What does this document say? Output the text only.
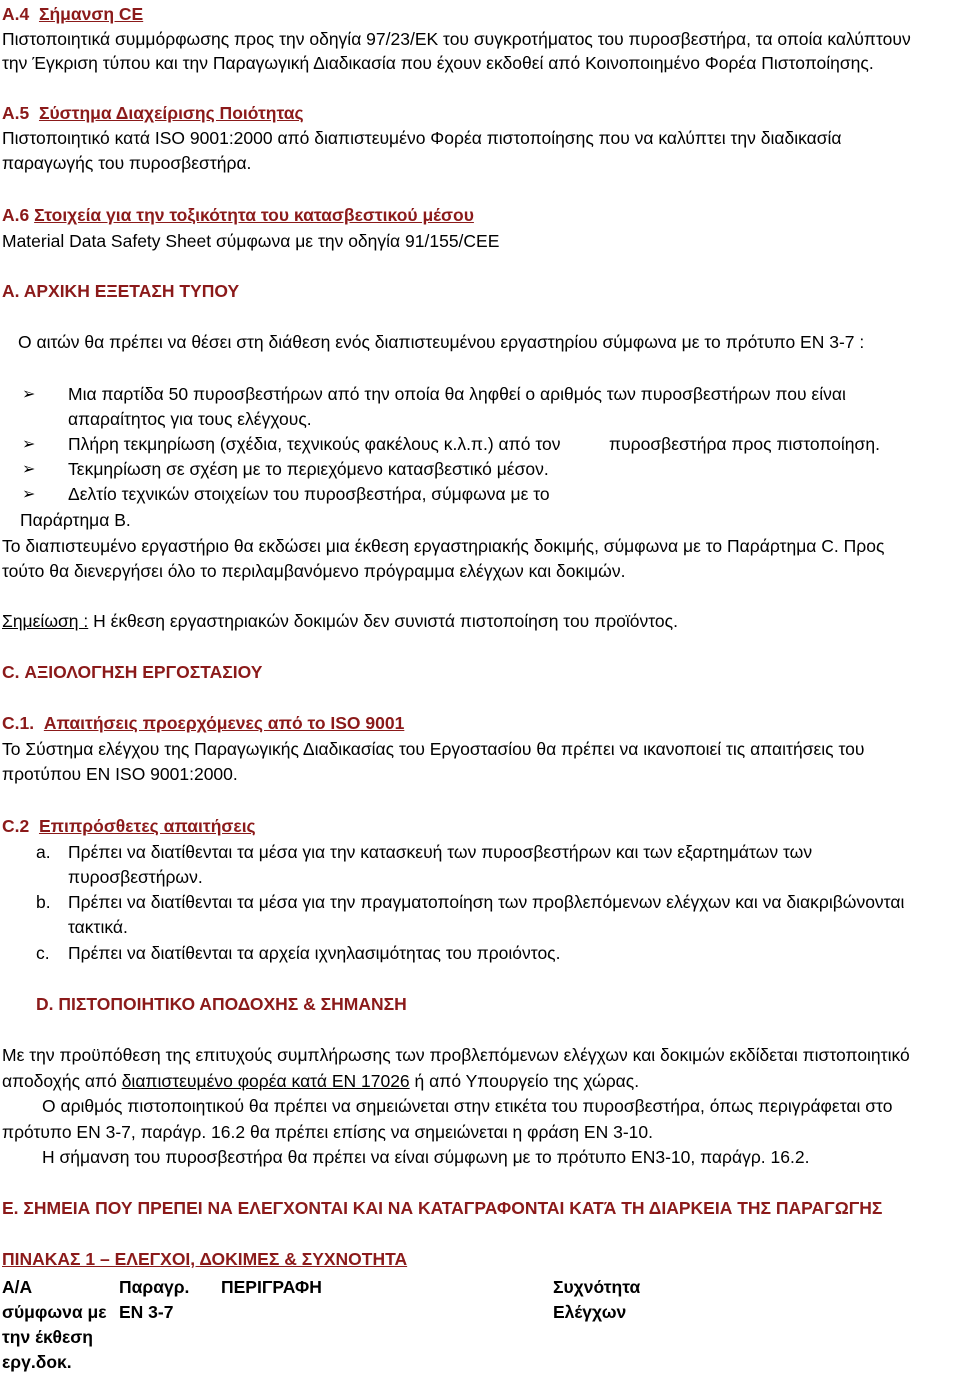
A.4 Σήμανση CE
Πιστοποιητικά συμμόρφωσης προς την οδηγία 97/23/ΕΚ του συγκροτήματος του πυροσβεστήρα, τα οποία καλύπτουν
την Έγκριση τύπου και την Παραγωγική Διαδικασία που έχουν εκδοθεί από Κοινοποιημένο Φορέα Πιστοποίησης.
A.5 Σύστημα Διαχείρισης Ποιότητας
Πιστοποιητικό κατά ISO 9001:2000 από διαπιστευμένο Φορέα πιστοποίησης που να καλύπτει την διαδικασία
παραγωγής του πυροσβεστήρα.
A.6 Στοιχεία για την τοξικότητα του κατασβεστικού μέσου
Material Data Safety Sheet σύμφωνα με την οδηγία 91/155/CEE
Α. ΑΡΧΙΚΗ ΕΞΕΤΑΣΗ ΤΥΠΟΥ
Ο αιτών θα πρέπει να θέσει στη διάθεση ενός διαπιστευμένου εργαστηρίου σύμφωνα με το πρότυπο ΕΝ 3-7 :
➢ Μια παρτίδα 50 πυροσβεστήρων από την οποία θα ληφθεί ο αριθμός των πυροσβεστήρων που είναι
απαραίτητος για τους ελέγχους.
➢ Πλήρη τεκμηρίωση (σχέδια, τεχνικούς φακέλους κ.λ.π.) από τον	πυροσβεστήρα προς πιστοποίηση.
➢ Τεκμηρίωση σε σχέση με το περιεχόμενο κατασβεστικό μέσον.
➢ Δελτίο τεχνικών στοιχείων του πυροσβεστήρα, σύμφωνα με το
Παράρτημα Β.
Το διαπιστευμένο εργαστήριο θα εκδώσει μια έκθεση εργαστηριακής δοκιμής, σύμφωνα με το Παράρτημα C. Προς
τούτο θα διενεργήσει όλο το περιλαμβανόμενο πρόγραμμα ελέγχων και δοκιμών.
Σημείωση : Η έκθεση εργαστηριακών δοκιμών δεν συνιστά πιστοποίηση του προϊόντος.
C. ΑΞΙΟΛΟΓΗΣΗ ΕΡΓΟΣΤΑΣΙΟΥ
C.1. Απαιτήσεις προερχόμενες από το ISO 9001
Το Σύστημα ελέγχου της Παραγωγικής Διαδικασίας του Εργοστασίου θα πρέπει να ικανοποιεί τις απαιτήσεις του
προτύπου ΕΝ ISO 9001:2000.
C.2 Επιπρόσθετες απαιτήσεις
a. Πρέπει να διατίθενται τα μέσα για την κατασκευή των πυροσβεστήρων και των εξαρτημάτων των
πυροσβεστήρων.
b. Πρέπει να διατίθενται τα μέσα για την πραγματοποίηση των προβλεπόμενων ελέγχων και να διακριβώνονται
τακτικά.
c. Πρέπει να διατίθενται τα αρχεία ιχνηλασιμότητας του προιόντος.
D. ΠΙΣΤΟΠΟΙΗΤΙΚΟ ΑΠΟΔΟΧΗΣ & ΣΗΜΑΝΣΗ
Με την προϋπόθεση της επιτυχούς συμπλήρωσης των προβλεπόμενων ελέγχων και δοκιμών εκδίδεται πιστοποιητικό
αποδοχής από διαπιστευμένο φορέα κατά ΕΝ 17026 ή από Υπουργείο της χώρας.
Ο αριθμός πιστοποιητικού θα πρέπει να σημειώνεται στην ετικέτα του πυροσβεστήρα, όπως περιγράφεται στο
πρότυπο ΕΝ 3-7, παράγρ. 16.2 θα πρέπει επίσης να σημειώνεται η φράση ΕΝ 3-10.
Η σήμανση του πυροσβεστήρα θα πρέπει να είναι σύμφωνη με το πρότυπο ΕΝ3-10, παράγρ. 16.2.
E. ΣΗΜΕΙΑ ΠΟΥ ΠΡΕΠΕΙ ΝΑ ΕΛΕΓΧΟΝΤΑΙ ΚΑΙ ΝΑ ΚΑΤΑΓΡΑΦΟΝΤΑΙ ΚΑΤΆ ΤΗ ΔΙΑΡΚΕΙΑ ΤΗΣ ΠΑΡΑΓΩΓΗΣ
ΠΙΝΑΚΑΣ 1 – ΕΛΕΓΧΟΙ, ΔΟΚΙΜΕΣ & ΣΥΧΝΟΤΗΤΑ
Α/Α
σύμφωνα με
την έκθεση
εργ.δοκ.
Παραγρ.
ΕΝ 3-7
ΠΕΡΙΓΡΑΦΗ	Συχνότητα
Ελέγχων
